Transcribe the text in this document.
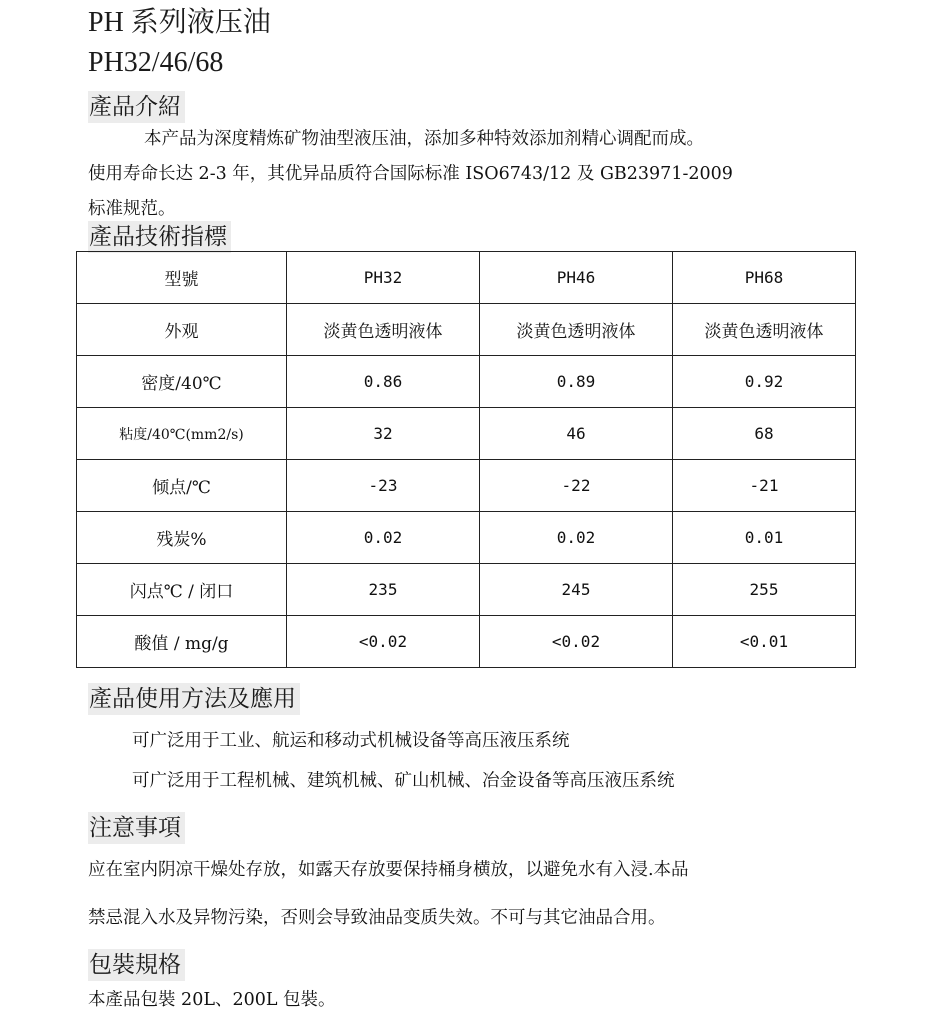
PH 系列液压油
PH32/46/68
產品介紹
本产品为深度精炼矿物油型液压油，添加多种特效添加剂精心调配而成。
使用寿命长达 2-3 年，其优异品质符合国际标准 ISO6743/12 及 GB23971-2009
标准规范。
產品技術指標
型號	PH32	PH46	PH68
外观	淡黄色透明液体	淡黄色透明液体	淡黄色透明液体
密度/40℃	0.86	0.89	0.92
粘度/40℃(mm2/s)	32	46	68
倾点/℃	-23	-22	-21
残炭%	0.02	0.02	0.01
闪点℃ / 闭口	235	245	255
酸值 / mg/g	<0.02	<0.02	<0.01
產品使用方法及應用
可广泛用于工业、航运和移动式机械设备等高压液压系统
可广泛用于工程机械、建筑机械、矿山机械、冶金设备等高压液压系统
注意事項
应在室内阴凉干燥处存放，如露天存放要保持桶身横放，以避免水有入浸.本品
禁忌混入水及异物污染，否则会导致油品变质失效。不可与其它油品合用。
包裝規格
本產品包裝 20L、200L 包裝。
